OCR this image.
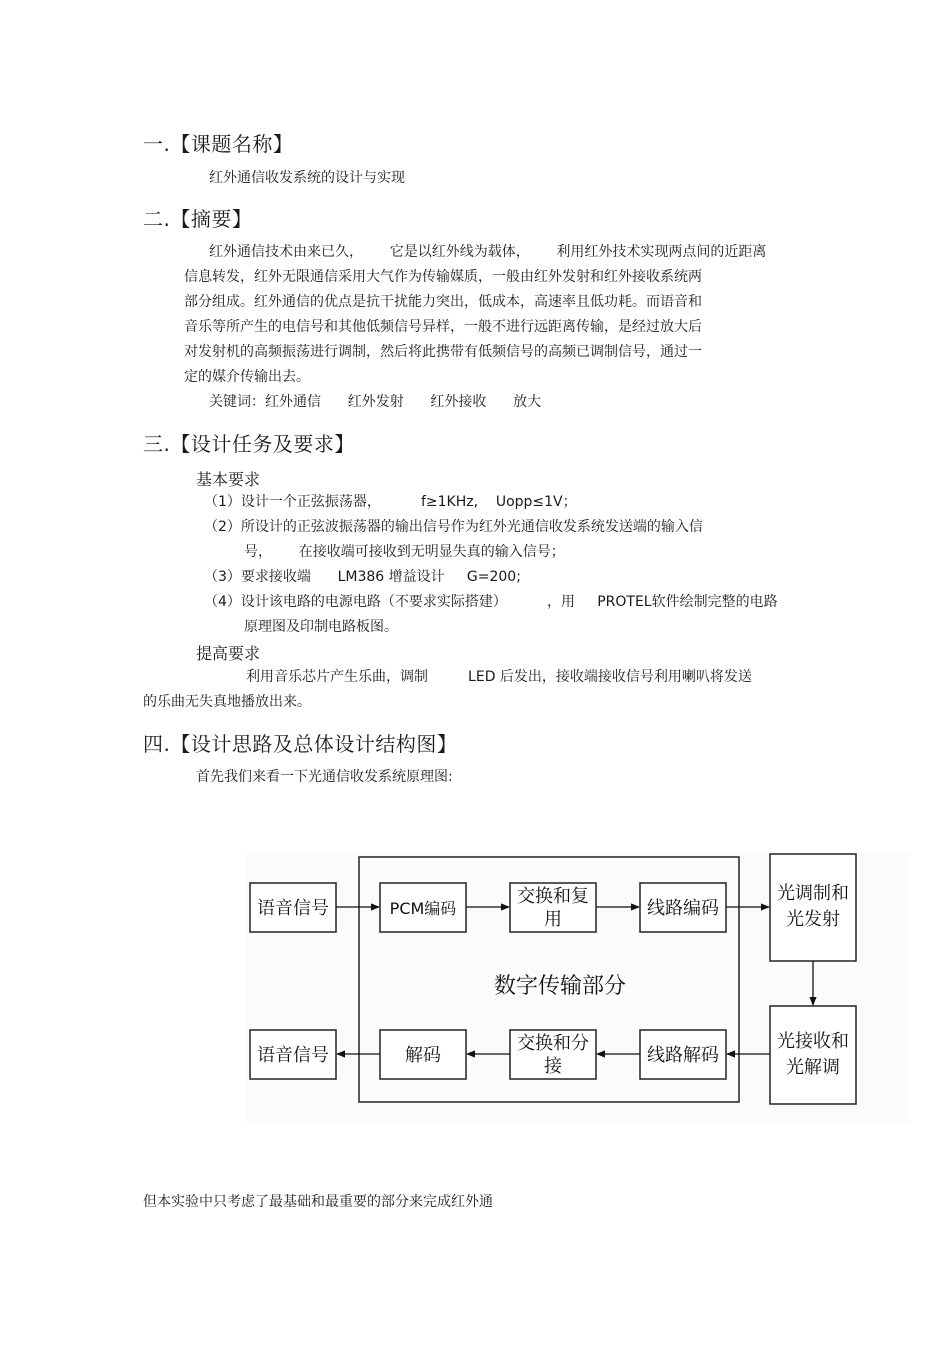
一.【课题名称】
红外通信收发系统的设计与实现
二.【摘要】
红外通信技术由来已久，      它是以红外线为载体，      利用红外技术实现两点间的近距离
信息转发，红外无限通信采用大气作为传输媒质，一般由红外发射和红外接收系统两
部分组成。红外通信的优点是抗干扰能力突出，低成本，高速率且低功耗。而语音和
音乐等所产生的电信号和其他低频信号异样，一般不进行远距离传输，是经过放大后
对发射机的高频振荡进行调制，然后将此携带有低频信号的高频已调制信号，通过一
定的媒介传输出去。
关键词：红外通信      红外发射      红外接收      放大
三.【设计任务及要求】
基本要求
（1）设计一个正弦振荡器，         f≥1KHz,    Uopp≤1V；
（2）所设计的正弦波振荡器的输出信号作为红外光通信收发系统发送端的输入信
号，      在接收端可接收到无明显失真的输入信号；
（3）要求接收端      LM386 增益设计     G=200;
（4）设计该电路的电源电路（不要求实际搭建）         ，用     PROTEL软件绘制完整的电路
原理图及印制电路板图。
提高要求
利用音乐芯片产生乐曲，调制         LED 后发出，接收端接收信号利用喇叭将发送
的乐曲无失真地播放出来。
四.【设计思路及总体设计结构图】
首先我们来看一下光通信收发系统原理图:
数字传输部分
语音信号	PCM编码
交换和复
用
线路编码
光调制和
光发射
语音信号	解码
交换和分
接
线路解码
光接收和
光解调
但本实验中只考虑了最基础和最重要的部分来完成红外通
